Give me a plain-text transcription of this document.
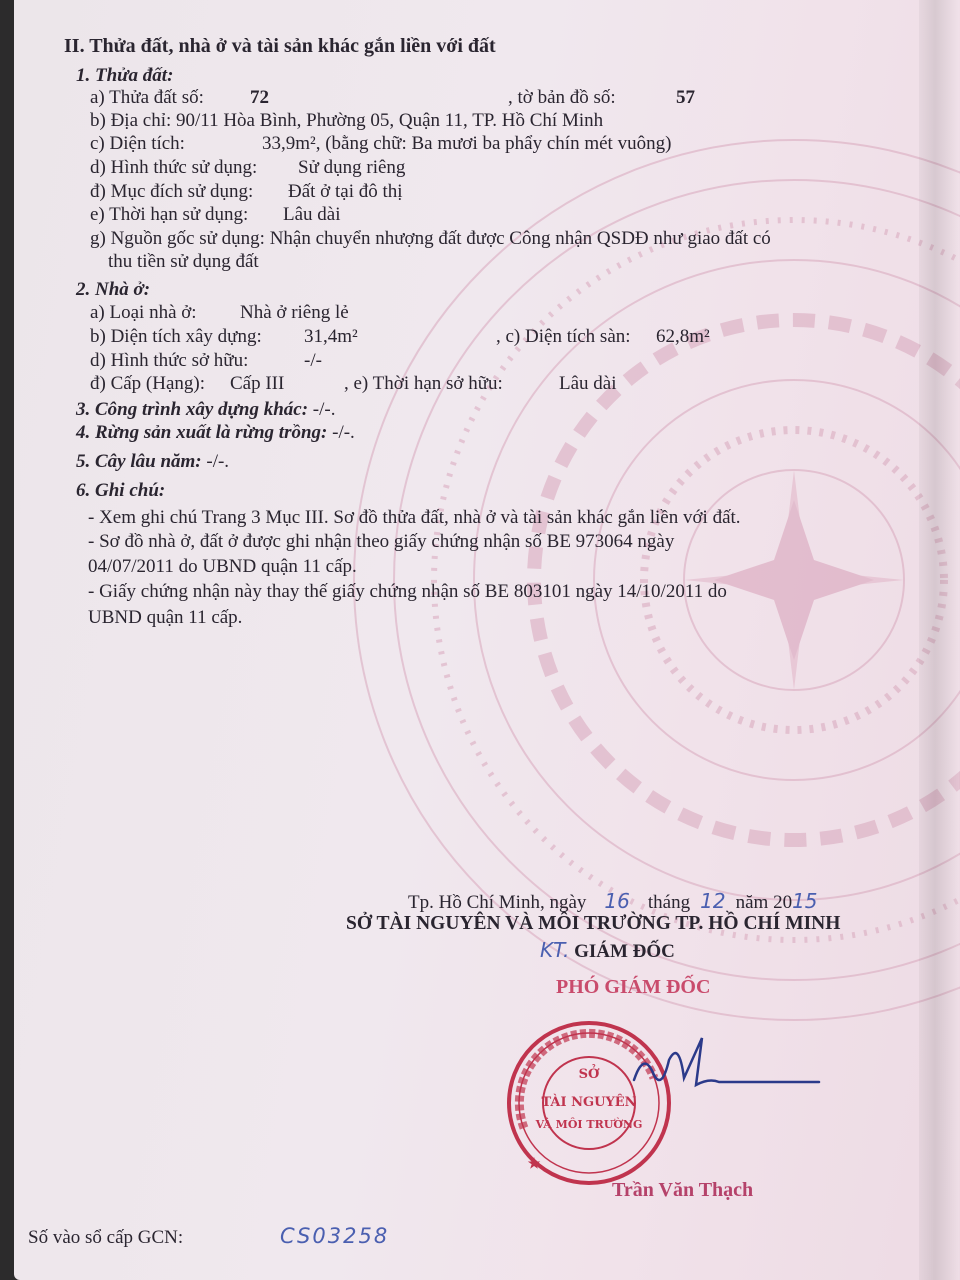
II. Thửa đất, nhà ở và tài sản khác gắn liền với đất
1. Thửa đất:
a) Thửa đất số: 72	, tờ bản đồ số:	57
b) Địa chỉ: 90/11 Hòa Bình, Phường 05, Quận 11, TP. Hồ Chí Minh
c) Diện tích:	33,9m², (bằng chữ: Ba mươi ba phẩy chín mét vuông)
d) Hình thức sử dụng: Sử dụng riêng
đ) Mục đích sử dụng: Đất ở tại đô thị
e) Thời hạn sử dụng: Lâu dài
g) Nguồn gốc sử dụng: Nhận chuyển nhượng đất được Công nhận QSDĐ như giao đất có
thu tiền sử dụng đất
2. Nhà ở:
a) Loại nhà ở: Nhà ở riêng lẻ
b) Diện tích xây dựng: 31,4m²	, c) Diện tích sàn: 62,8m²
d) Hình thức sở hữu:	-/-
đ) Cấp (Hạng): Cấp III	, e) Thời hạn sở hữu:	Lâu dài
3. Công trình xây dựng khác: -/-.
4. Rừng sản xuất là rừng trồng: -/-.
5. Cây lâu năm: -/-.
6. Ghi chú:
- Xem ghi chú Trang 3 Mục III. Sơ đồ thửa đất, nhà ở và tài sản khác gắn liền với đất.
- Sơ đồ nhà ở, đất ở được ghi nhận theo giấy chứng nhận số BE 973064 ngày
04/07/2011 do UBND quận 11 cấp.
- Giấy chứng nhận này thay thế giấy chứng nhận số BE 803101 ngày 14/10/2011 do
UBND quận 11 cấp.
Tp. Hồ Chí Minh, ngày 16 tháng 12 năm 2015
SỞ TÀI NGUYÊN VÀ MÔI TRƯỜNG TP. HỒ CHÍ MINH
KT. GIÁM ĐỐC
PHÓ GIÁM ĐỐC
SỞ
TÀI NGUYÊN
VÀ MÔI TRƯỜNG
★
Trần Văn Thạch
Số vào sổ cấp GCN:	CS03258
